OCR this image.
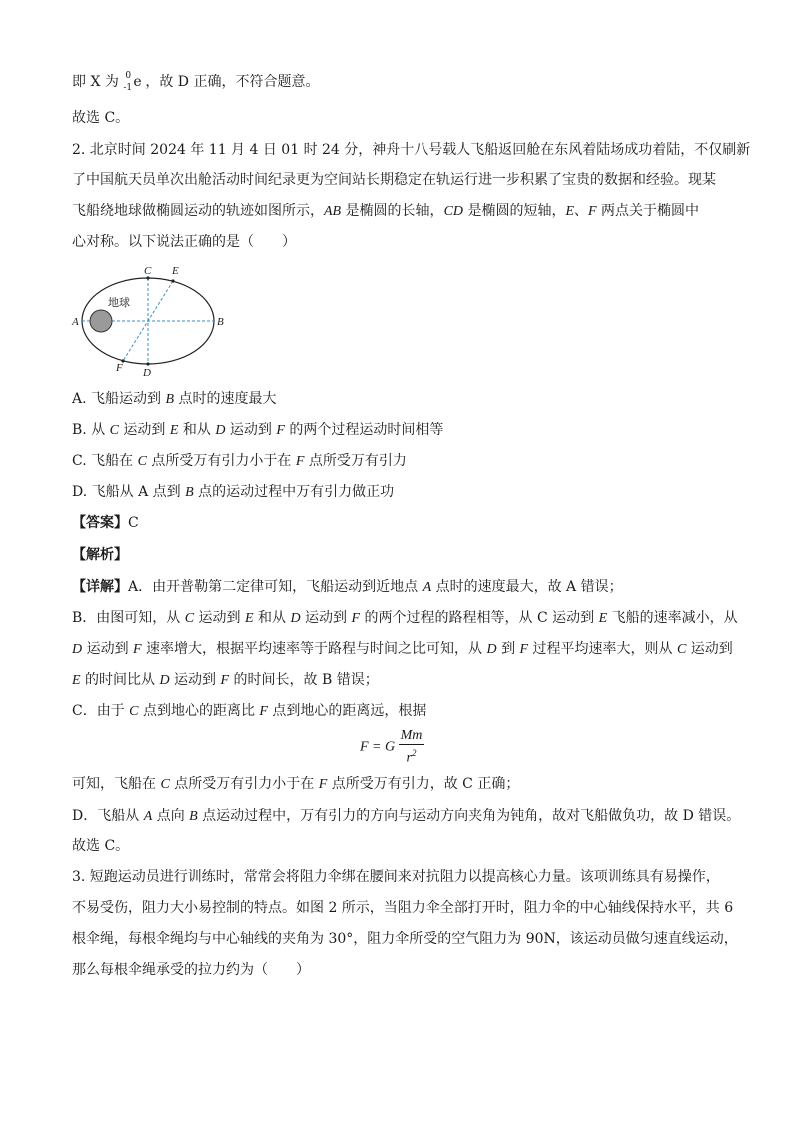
即 X 为 0
-1 e ，故 D 正确，不符合题意。
故选 C。
2. 北京时间 2024 年 11 月 4 日 01 时 24 分，神舟十八号载人飞船返回舱在东风着陆场成功着陆，不仅刷新
了中国航天员单次出舱活动时间纪录更为空间站长期稳定在轨运行进一步积累了宝贵的数据和经验。现某
飞船绕地球做椭圆运动的轨迹如图所示，AB 是椭圆的长轴，CD 是椭圆的短轴，E、F 两点关于椭圆中
心对称。以下说法正确的是（　　）
地球
A	B
C
D
E
F
A. 飞船运动到 B 点时的速度最大
B. 从 C 运动到 E 和从 D 运动到 F 的两个过程运动时间相等
C. 飞船在 C 点所受万有引力小于在 F 点所受万有引力
D. 飞船从 A 点到 B 点的运动过程中万有引力做正功
【答案】C
【解析】
【详解】A．由开普勒第二定律可知，飞船运动到近地点 A 点时的速度最大，故 A 错误；
B．由图可知，从 C 运动到 E 和从 D 运动到 F 的两个过程的路程相等，从 C 运动到 E 飞船的速率减小，从
D 运动到 F 速率增大，根据平均速率等于路程与时间之比可知，从 D 到 F 过程平均速率大，则从 C 运动到
E 的时间比从 D 运动到 F 的时间长，故 B 错误；
C．由于 C 点到地心的距离比 F 点到地心的距离远，根据
F = G $\frac{Mm}{r^2}$
可知，飞船在 C 点所受万有引力小于在 F 点所受万有引力，故 C 正确；
D．飞船从 A 点向 B 点运动过程中，万有引力的方向与运动方向夹角为钝角，故对飞船做负功，故 D 错误。
故选 C。
3. 短跑运动员进行训练时，常常会将阻力伞绑在腰间来对抗阻力以提高核心力量。该项训练具有易操作，
不易受伤，阻力大小易控制的特点。如图 2 所示，当阻力伞全部打开时，阻力伞的中心轴线保持水平，共 6
根伞绳，每根伞绳均与中心轴线的夹角为 30°，阻力伞所受的空气阻力为 90N，该运动员做匀速直线运动，
那么每根伞绳承受的拉力约为（　　）
